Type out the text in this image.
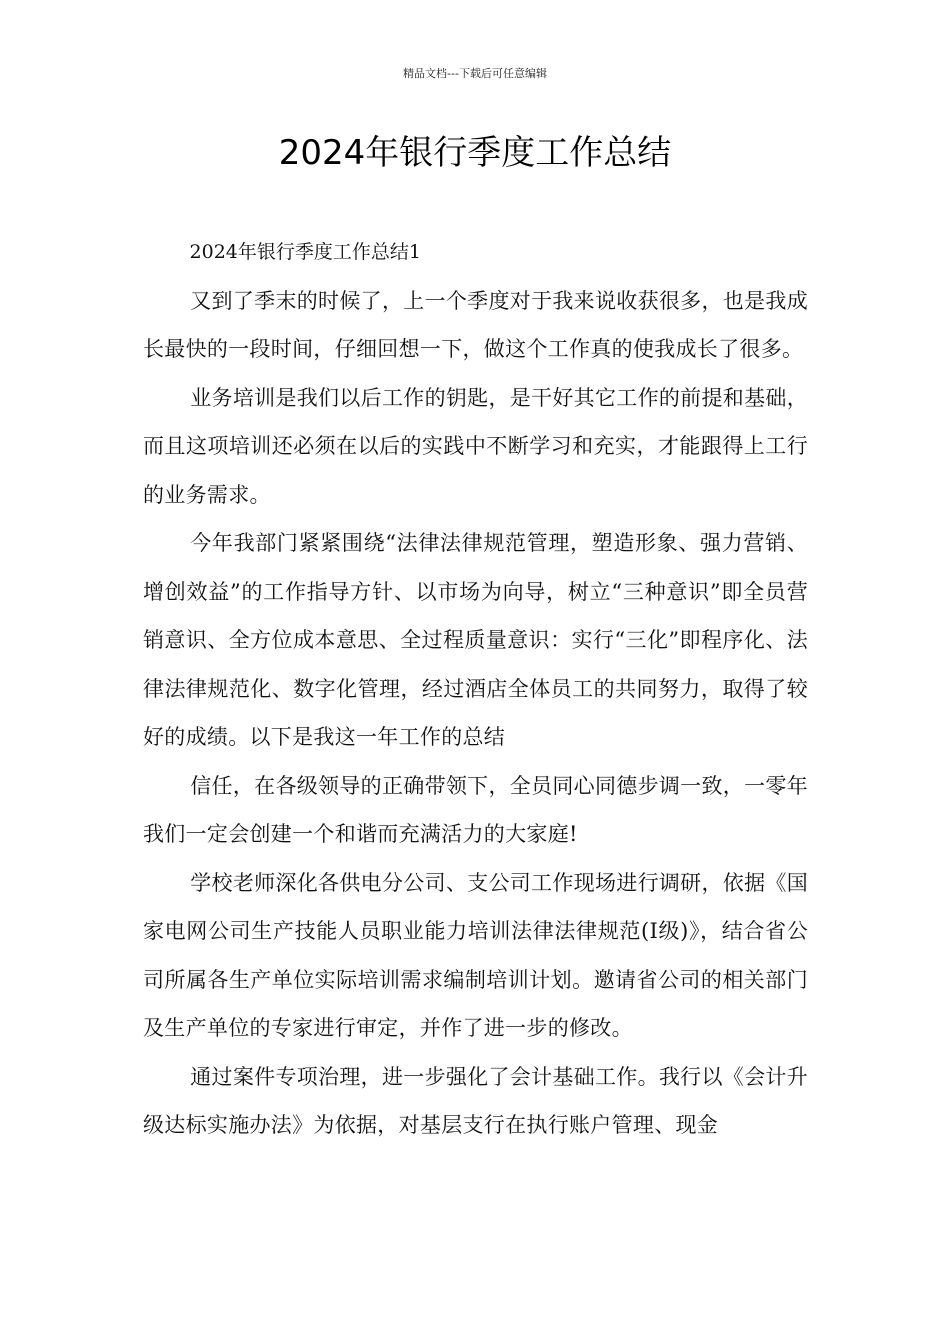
精品文档---下载后可任意编辑
2024年银行季度工作总结

2024年银行季度工作总结1

又到了季末的时候了，上一个季度对于我来说收获很多，也是我成长最快的一段时间，仔细回想一下，做这个工作真的使我成长了很多。

业务培训是我们以后工作的钥匙，是干好其它工作的前提和基础，而且这项培训还必须在以后的实践中不断学习和充实，才能跟得上工行的业务需求。

今年我部门紧紧围绕“法律法律规范管理，塑造形象、强力营销、增创效益”的工作指导方针、以市场为向导，树立“三种意识”即全员营销意识、全方位成本意思、全过程质量意识：实行“三化”即程序化、法律法律规范化、数字化管理，经过酒店全体员工的共同努力，取得了较好的成绩。以下是我这一年工作的总结

信任，在各级领导的正确带领下，全员同心同德步调一致，一零年我们一定会创建一个和谐而充满活力的大家庭!

学校老师深化各供电分公司、支公司工作现场进行调研，依据《国家电网公司生产技能人员职业能力培训法律法律规范(I级)》，结合省公司所属各生产单位实际培训需求编制培训计划。邀请省公司的相关部门及生产单位的专家进行审定，并作了进一步的修改。

通过案件专项治理，进一步强化了会计基础工作。我行以《会计升级达标实施办法》为依据，对基层支行在执行账户管理、现金
